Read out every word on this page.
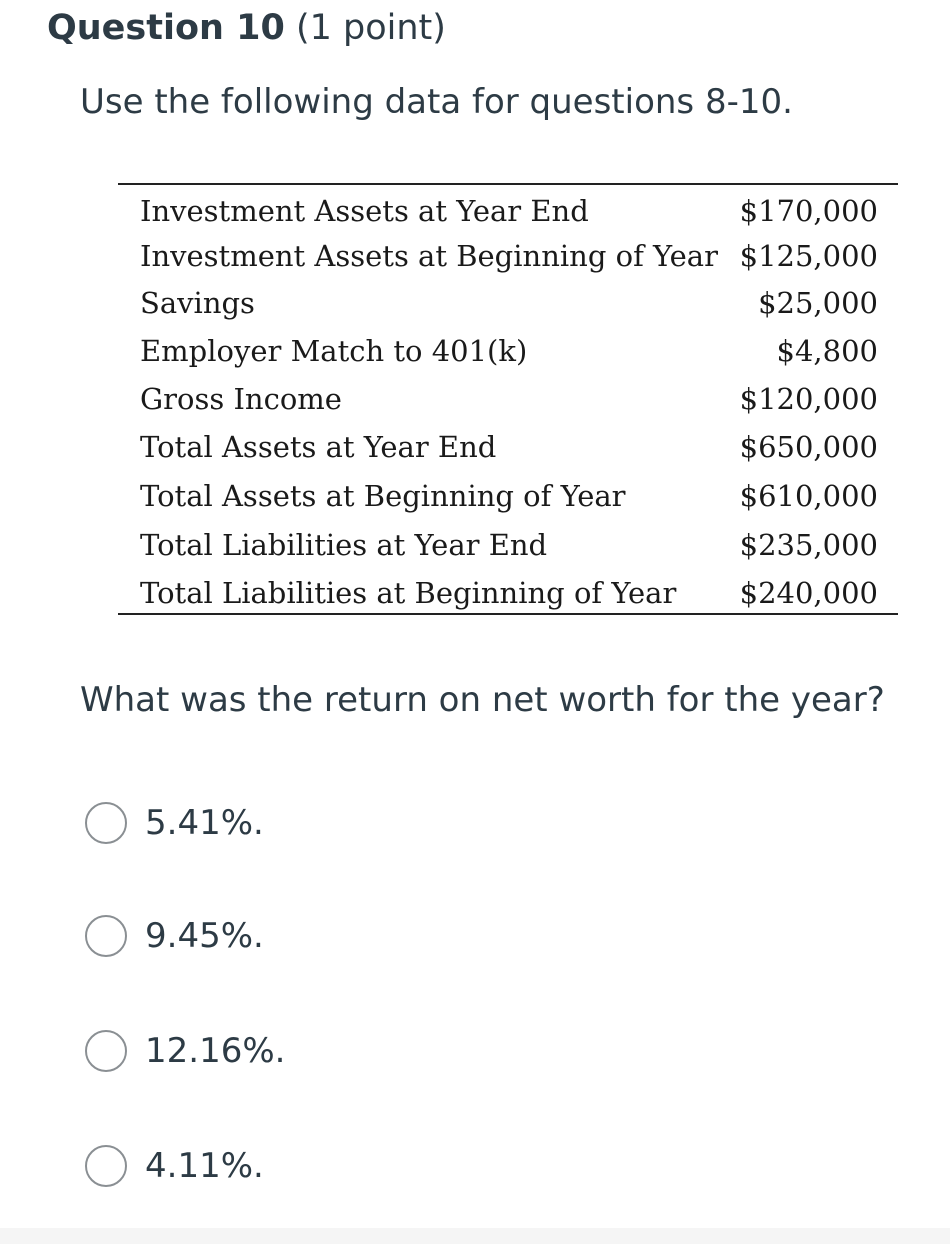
Question 10 (1 point)
Use the following data for questions 8-10.
Investment Assets at Year End	$170,000
Investment Assets at Beginning of Year $125,000
Savings	$25,000
Employer Match to 401(k)	$4,800
Gross Income	$120,000
Total Assets at Year End	$650,000
Total Assets at Beginning of Year	$610,000
Total Liabilities at Year End	$235,000
Total Liabilities at Beginning of Year $240,000
What was the return on net worth for the year?
5.41%.
9.45%.
12.16%.
4.11%.
